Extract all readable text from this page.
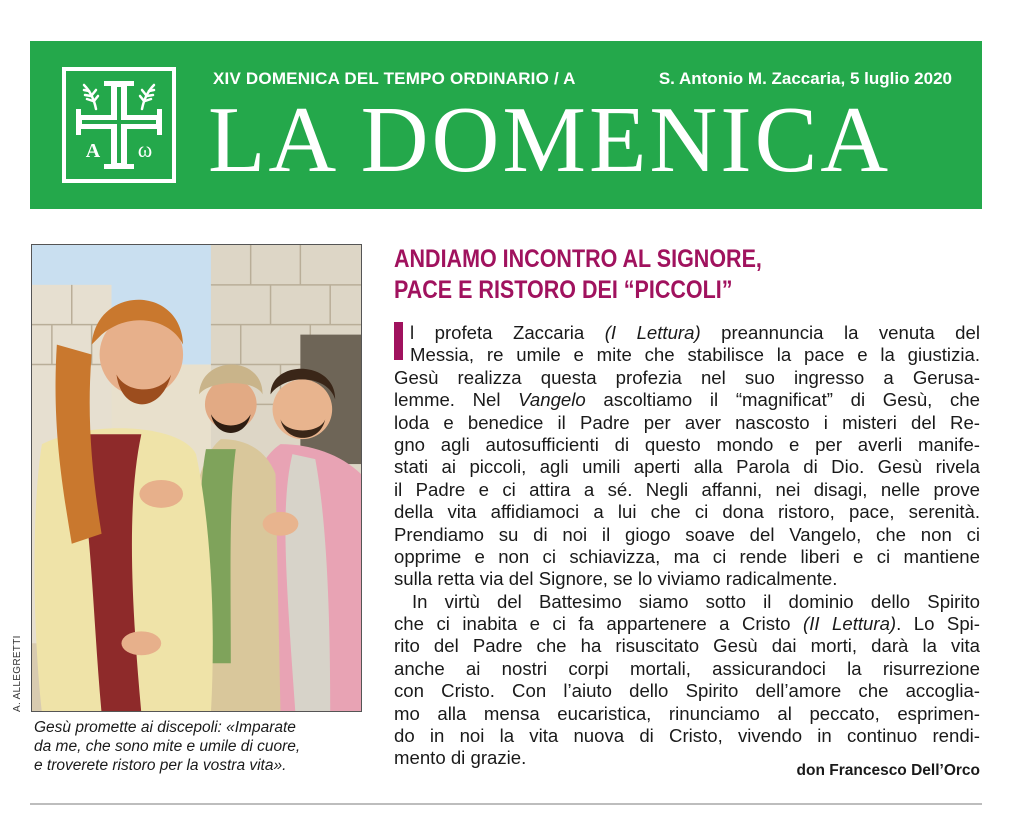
A ω
XIV DOMENICA DEL TEMPO ORDINARIO / A	S. Antonio M. Zaccaria, 5 luglio 2020
LA DOMENICA
A. ALLEGRETTI

Gesù promette ai discepoli: «Imparate
da me, che sono mite e umile di cuore,
e troverete ristoro per la vostra vita».

ANDIAMO INCONTRO AL SIGNORE,
PACE E RISTORO DEI “PICCOLI”
l profeta Zaccaria (I Lettura) preannuncia la venuta del
Messia, re umile e mite che stabilisce la pace e la giustizia.
Gesù realizza questa profezia nel suo ingresso a Gerusa-
lemme. Nel Vangelo ascoltiamo il “magnificat” di Gesù, che
loda e benedice il Padre per aver nascosto i misteri del Re-
gno agli autosufficienti di questo mondo e per averli manife-
stati ai piccoli, agli umili aperti alla Parola di Dio. Gesù rivela
il Padre e ci attira a sé. Negli affanni, nei disagi, nelle prove
della vita affidiamoci a lui che ci dona ristoro, pace, serenità.
Prendiamo su di noi il giogo soave del Vangelo, che non ci
opprime e non ci schiavizza, ma ci rende liberi e ci mantiene
sulla retta via del Signore, se lo viviamo radicalmente.
In virtù del Battesimo siamo sotto il dominio dello Spirito
che ci inabita e ci fa appartenere a Cristo (II Lettura). Lo Spi-
rito del Padre che ha risuscitato Gesù dai morti, darà la vita
anche ai nostri corpi mortali, assicurandoci la risurrezione
con Cristo. Con l’aiuto dello Spirito dell’amore che accoglia-
mo alla mensa eucaristica, rinunciamo al peccato, esprimen-
do in noi la vita nuova di Cristo, vivendo in continuo rendi-
mento di grazie.
don Francesco Dell’Orco
